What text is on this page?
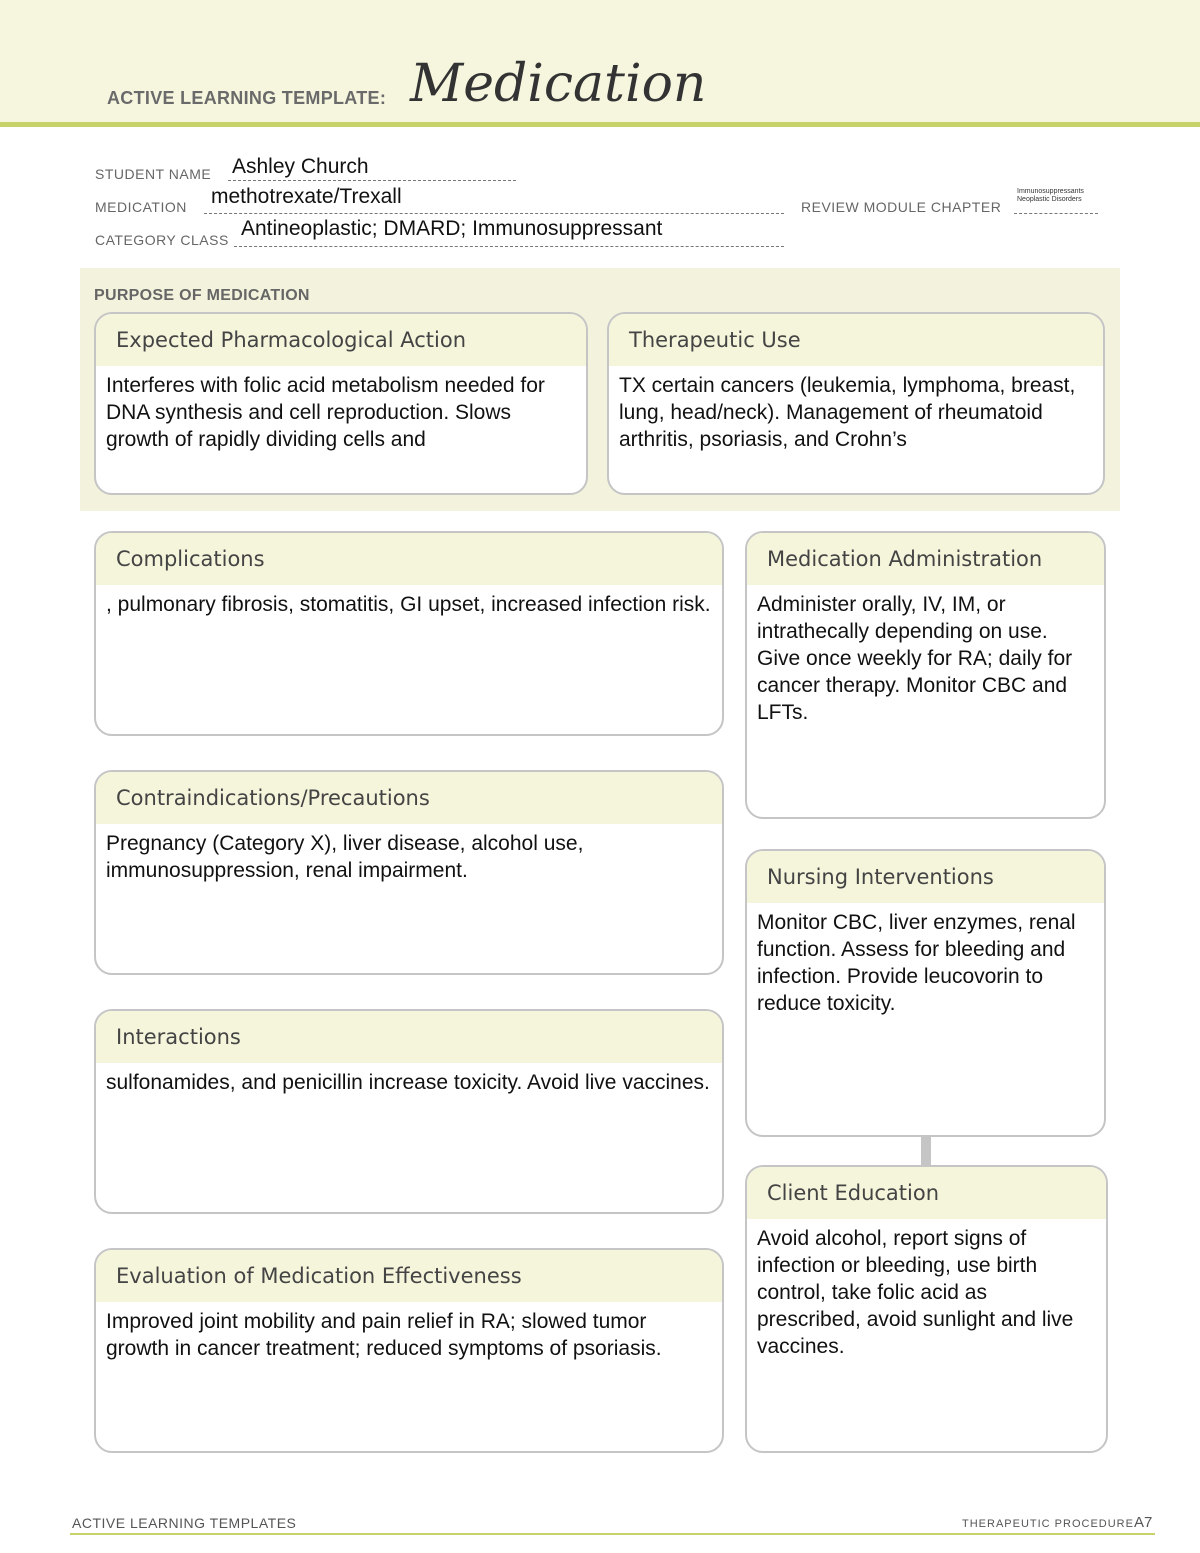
ACTIVE LEARNING TEMPLATE: Medication
STUDENT NAME Ashley Church
MEDICATION methotrexate/Trexall	REVIEW MODULE CHAPTER
Immunosuppressants Neoplastic Disorders
CATEGORY CLASS Antineoplastic; DMARD; Immunosuppressant
PURPOSE OF MEDICATION
Expected Pharmacological Action
Interferes with folic acid metabolism needed for DNA synthesis and cell reproduction. Slows growth of rapidly dividing cells and
Therapeutic Use
TX certain cancers (leukemia, lymphoma, breast, lung, head/neck). Management of rheumatoid arthritis, psoriasis, and Crohn’s
Complications
, pulmonary fibrosis, stomatitis, GI upset, increased infection risk.
Contraindications/Precautions
Pregnancy (Category X), liver disease, alcohol use, immunosuppression, renal impairment.
Interactions
sulfonamides, and penicillin increase toxicity. Avoid live vaccines.
Evaluation of Medication Effectiveness
Improved joint mobility and pain relief in RA; slowed tumor growth in cancer treatment; reduced symptoms of psoriasis.
Medication Administration
Administer orally, IV, IM, or intrathecally depending on use. Give once weekly for RA; daily for cancer therapy. Monitor CBC and LFTs.
Nursing Interventions
Monitor CBC, liver enzymes, renal function. Assess for bleeding and infection. Provide leucovorin to reduce toxicity.
Client Education
Avoid alcohol, report signs of infection or bleeding, use birth control, take folic acid as prescribed, avoid sunlight and live vaccines.
ACTIVE LEARNING TEMPLATES	THERAPEUTIC PROCEDURE A7
